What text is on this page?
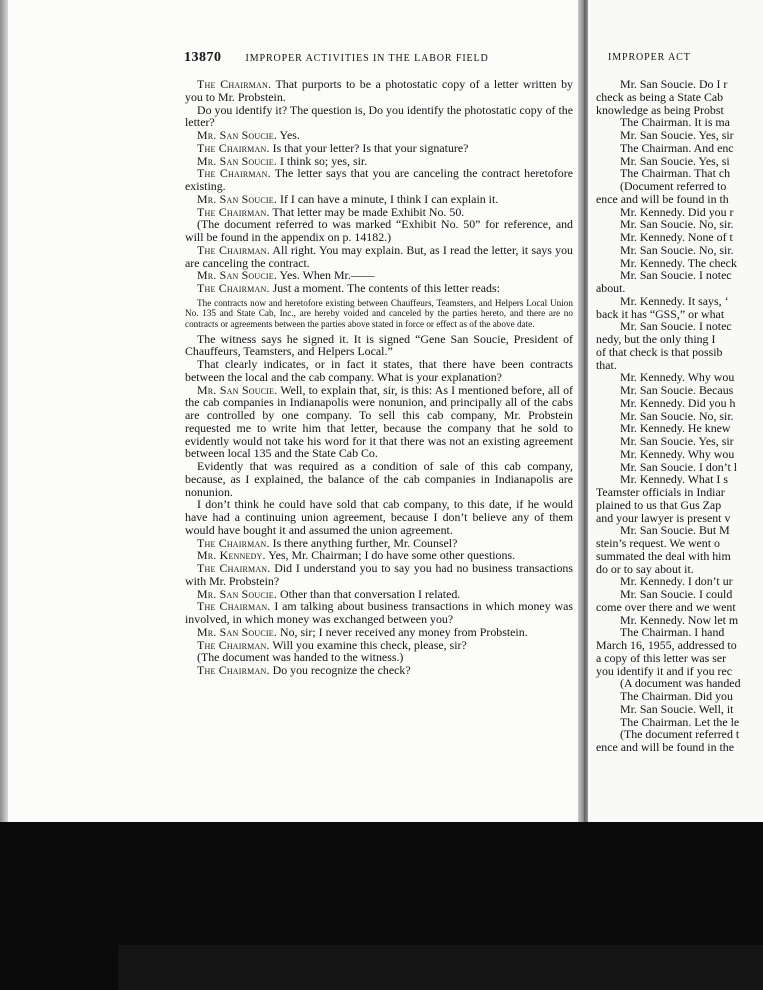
13870 IMPROPER ACTIVITIES IN THE LABOR FIELD

The Chairman. That purports to be a photostatic copy of a letter written by you to Mr. Probstein.

Do you identify it? The question is, Do you identify the photostatic copy of the letter?

Mr. San Soucie. Yes.

The Chairman. Is that your letter? Is that your signature?

Mr. San Soucie. I think so; yes, sir.

The Chairman. The letter says that you are canceling the contract heretofore existing.

Mr. San Soucie. If I can have a minute, I think I can explain it.

The Chairman. That letter may be made Exhibit No. 50.

(The document referred to was marked “Exhibit No. 50” for reference, and will be found in the appendix on p. 14182.)

The Chairman. All right. You may explain. But, as I read the letter, it says you are canceling the contract.

Mr. San Soucie. Yes. When Mr.——

The Chairman. Just a moment. The contents of this letter reads:

The contracts now and heretofore existing between Chauffeurs, Teamsters, and Helpers Local Union No. 135 and State Cab, Inc., are hereby voided and canceled by the parties hereto, and there are no contracts or agreements between the parties above stated in force or effect as of the above date.

The witness says he signed it. It is signed “Gene San Soucie, President of Chauffeurs, Teamsters, and Helpers Local.”

That clearly indicates, or in fact it states, that there have been contracts between the local and the cab company. What is your explanation?

Mr. San Soucie. Well, to explain that, sir, is this: As I mentioned before, all of the cab companies in Indianapolis were nonunion, and principally all of the cabs are controlled by one company. To sell this cab company, Mr. Probstein requested me to write him that letter, because the company that he sold to evidently would not take his word for it that there was not an existing agreement between local 135 and the State Cab Co.

Evidently that was required as a condition of sale of this cab company, because, as I explained, the balance of the cab companies in Indianapolis are nonunion.

I don’t think he could have sold that cab company, to this date, if he would have had a continuing union agreement, because I don’t believe any of them would have bought it and assumed the union agreement.

The Chairman. Is there anything further, Mr. Counsel?

Mr. Kennedy. Yes, Mr. Chairman; I do have some other questions.

The Chairman. Did I understand you to say you had no business transactions with Mr. Probstein?

Mr. San Soucie. Other than that conversation I related.

The Chairman. I am talking about business transactions in which money was involved, in which money was exchanged between you?

Mr. San Soucie. No, sir; I never received any money from Probstein.

The Chairman. Will you examine this check, please, sir?

(The document was handed to the witness.)

The Chairman. Do you recognize the check?

IMPROPER ACT

Mr. San Soucie. Do I r

check as being a State Cab

knowledge as being Probst

The Chairman. It is ma

Mr. San Soucie. Yes, sir

The Chairman. And enc

Mr. San Soucie. Yes, si

The Chairman. That ch

(Document referred to

ence and will be found in th

Mr. Kennedy. Did you r

Mr. San Soucie. No, sir.

Mr. Kennedy. None of t

Mr. San Soucie. No, sir.

Mr. Kennedy. The check

Mr. San Soucie. I notec

about.

Mr. Kennedy. It says, ‘

back it has “GSS,” or what

Mr. San Soucie. I notec

nedy, but the only thing I

of that check is that possib

that.

Mr. Kennedy. Why wou

Mr. San Soucie. Becaus

Mr. Kennedy. Did you h

Mr. San Soucie. No, sir.

Mr. Kennedy. He knew

Mr. San Soucie. Yes, sir

Mr. Kennedy. Why wou

Mr. San Soucie. I don’t l

Mr. Kennedy. What I s

Teamster officials in Indiar

plained to us that Gus Zap

and your lawyer is present v

Mr. San Soucie. But M

stein’s request. We went o

summated the deal with him

do or to say about it.

Mr. Kennedy. I don’t ur

Mr. San Soucie. I could

come over there and we went

Mr. Kennedy. Now let m

The Chairman. I hand

March 16, 1955, addressed to

a copy of this letter was ser

you identify it and if you rec

(A document was handed

The Chairman. Did you

Mr. San Soucie. Well, it

The Chairman. Let the le

(The document referred t

ence and will be found in the
